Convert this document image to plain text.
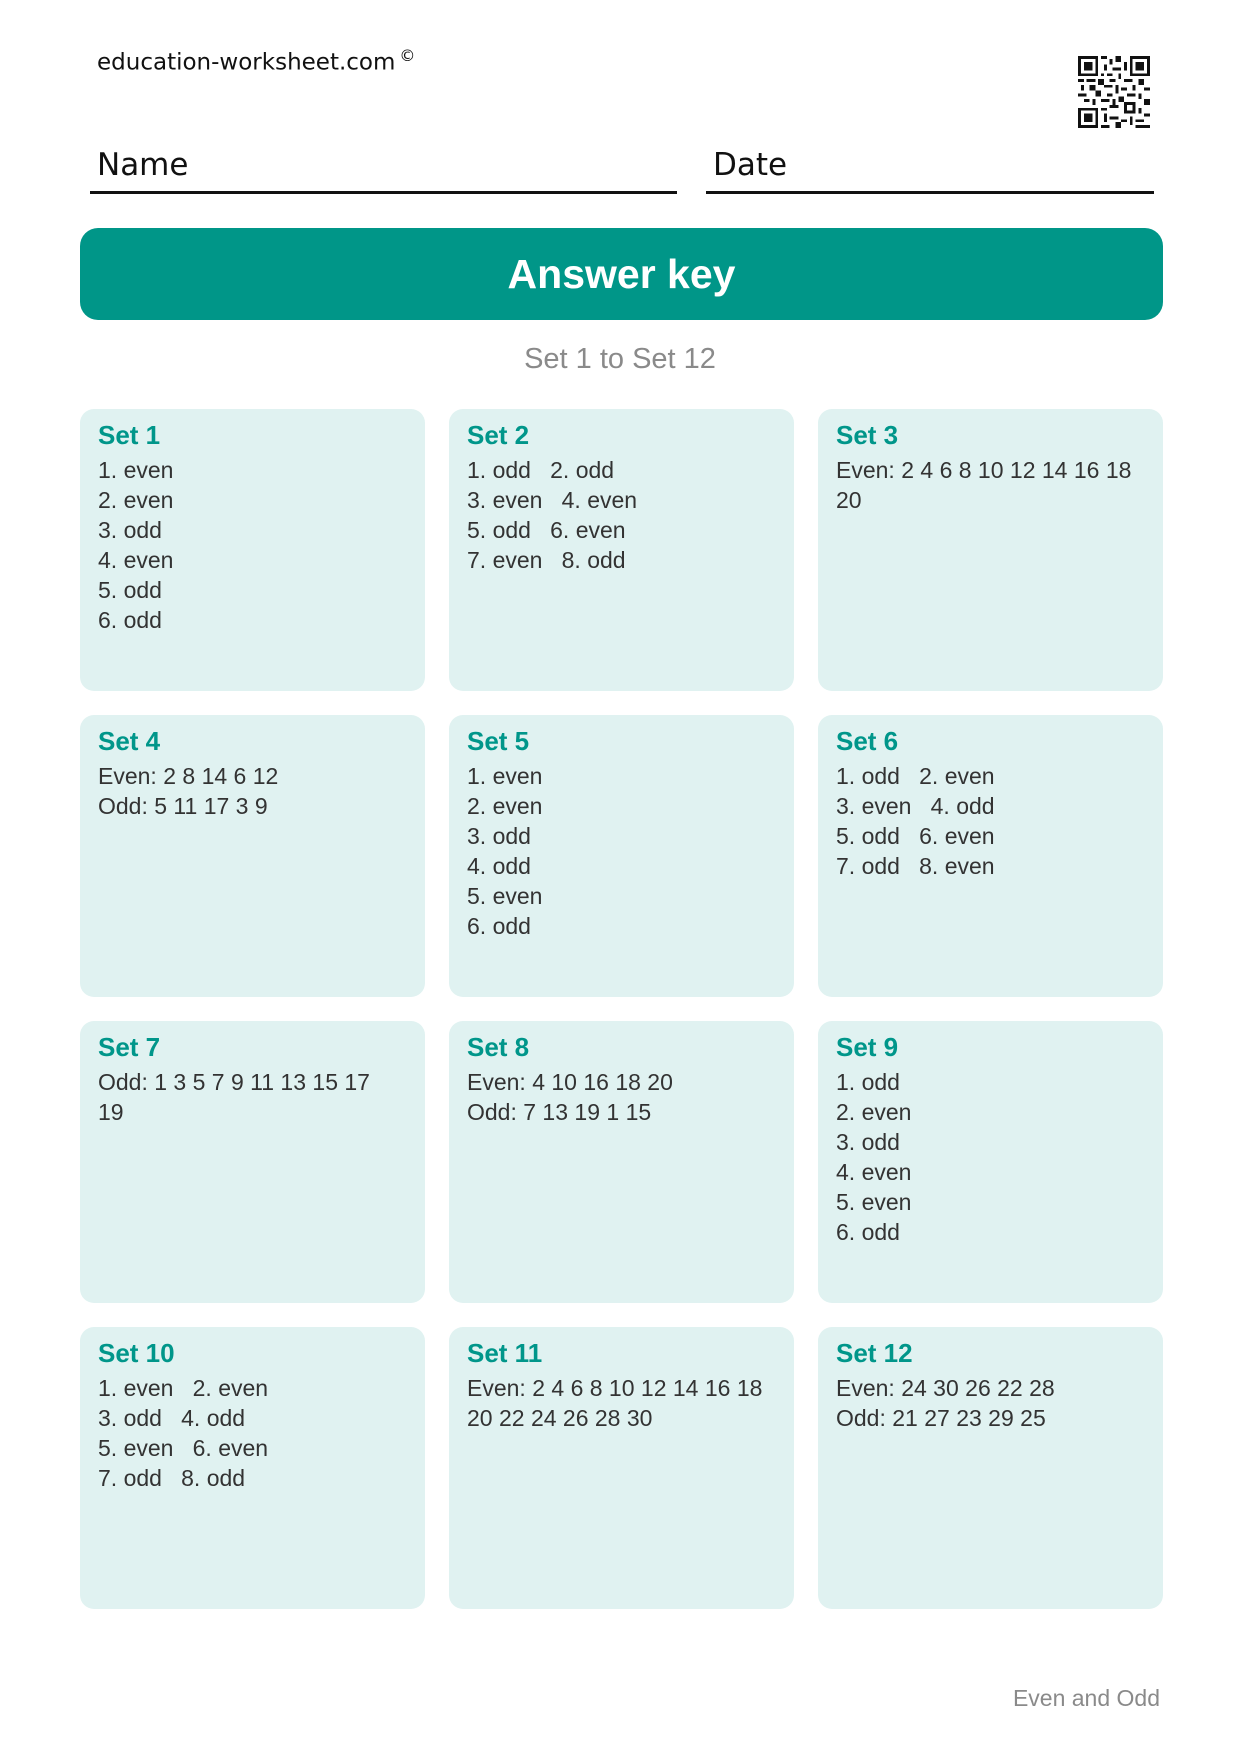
education-worksheet.com ©
Name	Date
Answer key
Set 1 to Set 12
Set 1
1. even
2. even
3. odd
4. even
5. odd
6. odd
Set 2
1. odd   2. odd
3. even   4. even
5. odd   6. even
7. even   8. odd
Set 3
Even: 2 4 6 8 10 12 14 16 18
20
Set 4
Even: 2 8 14 6 12
Odd: 5 11 17 3 9
Set 5
1. even
2. even
3. odd
4. odd
5. even
6. odd
Set 6
1. odd   2. even
3. even   4. odd
5. odd   6. even
7. odd   8. even
Set 7
Odd: 1 3 5 7 9 11 13 15 17
19
Set 8
Even: 4 10 16 18 20
Odd: 7 13 19 1 15
Set 9
1. odd
2. even
3. odd
4. even
5. even
6. odd
Set 10
1. even   2. even
3. odd   4. odd
5. even   6. even
7. odd   8. odd
Set 11
Even: 2 4 6 8 10 12 14 16 18
20 22 24 26 28 30
Set 12
Even: 24 30 26 22 28
Odd: 21 27 23 29 25
Even and Odd
